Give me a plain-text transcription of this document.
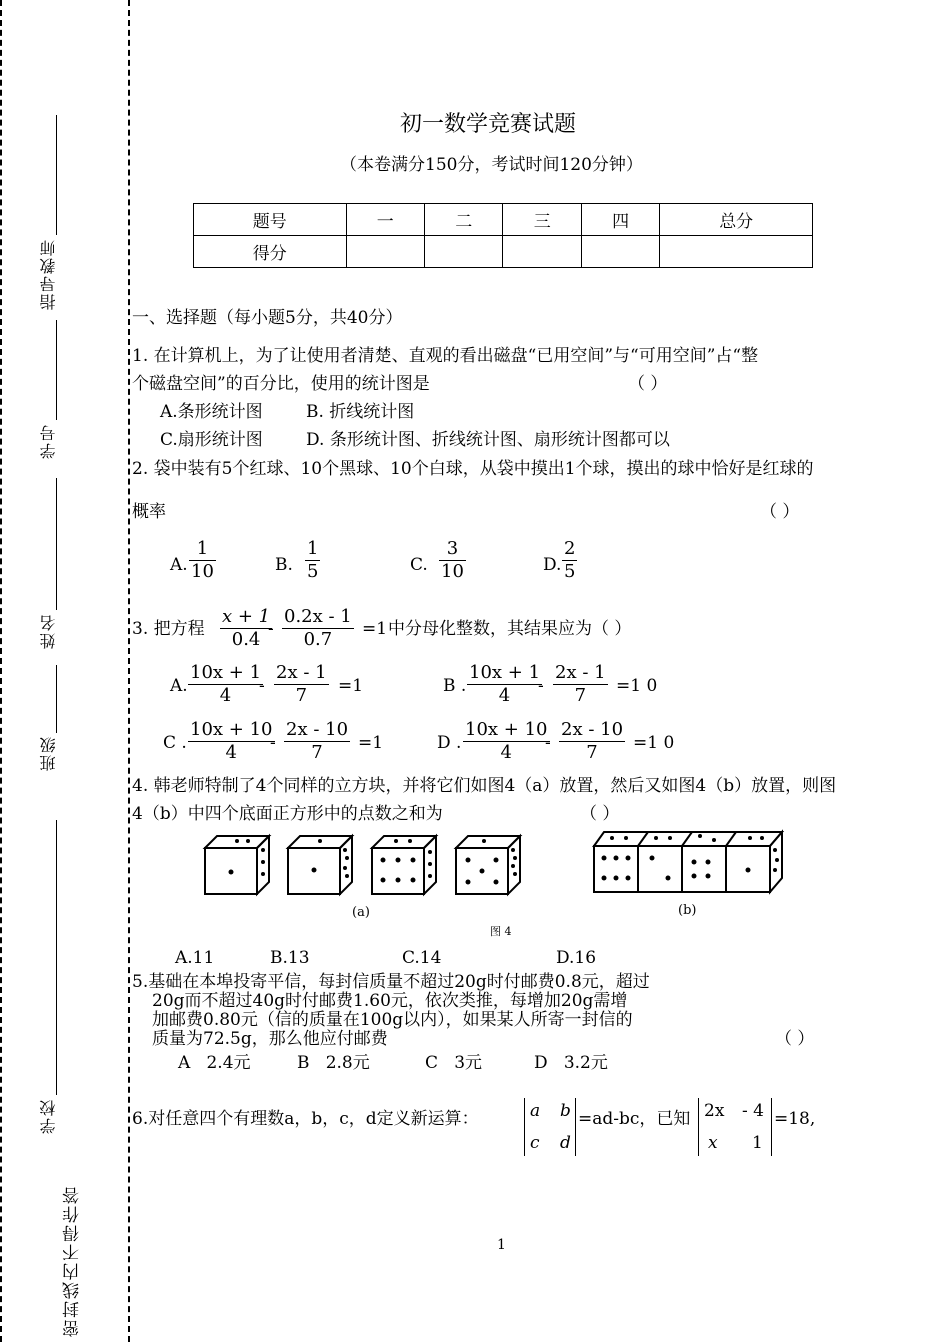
指导教师
学号
姓名
班级
学校
密封线内不得作答
初一数学竞赛试题
（本卷满分150分，考试时间120分钟）
题号	一	二	三	四	总分
得分					
一、选择题（每小题5分，共40分）
1. 在计算机上，为了让使用者清楚、直观的看出磁盘“已用空间”与“可用空间”占“整
个磁盘空间”的百分比，使用的统计图是	（ ）
A.条形统计图	B. 折线统计图
C.扇形统计图	D. 条形统计图、折线统计图、扇形统计图都可以
2. 袋中装有5个红球、10个黑球、10个白球，从袋中摸出1个球，摸出的球中恰好是红球的
概率	（ ）
A. $\frac{1}{10}$	B. $\frac{1}{5}$	C. $\frac{3}{10}$	D. $\frac{2}{5}$
3. 把方程 $\frac{x + 1}{0.4}$
- $\frac{0.2x - 1}{0.7} =1$ 中分母化整数，其结果应为（ ）
A. $\frac{10x + 1}{4}$
- $\frac{2x - 1}{7} =1$	B . $\frac{10x + 1}{4}$
- $\frac{2x - 1}{7} =1$ 0
C . $\frac{10x + 10}{4}$
- $\frac{2x - 10}{7} =1$	D . $\frac{10x + 10}{4}$
- $\frac{2x - 10}{7} =1$ 0
4. 韩老师特制了4个同样的立方块，并将它们如图4（a）放置，然后又如图4（b）放置，则图
4（b）中四个底面正方形中的点数之和为	（ ）
(a)	(b)
图 4
A.11	B.13	C.14	D.16
5.基础在本埠投寄平信，每封信质量不超过20g时付邮费0.8元，超过
20g而不超过40g时付邮费1.60元，依次类推，每增加20g需增
加邮费0.80元（信的质量在100g以内），如果某人所寄一封信的
质量为72.5g，那么他应付邮费	（ ）
A   2.4元	B   2.8元	C   3元	D   3.2元
6.对任意四个有理数a，b，c，d定义新运算：	a b
c d
=ad-bc，已知 2x - 4
x 1
=18,
1
